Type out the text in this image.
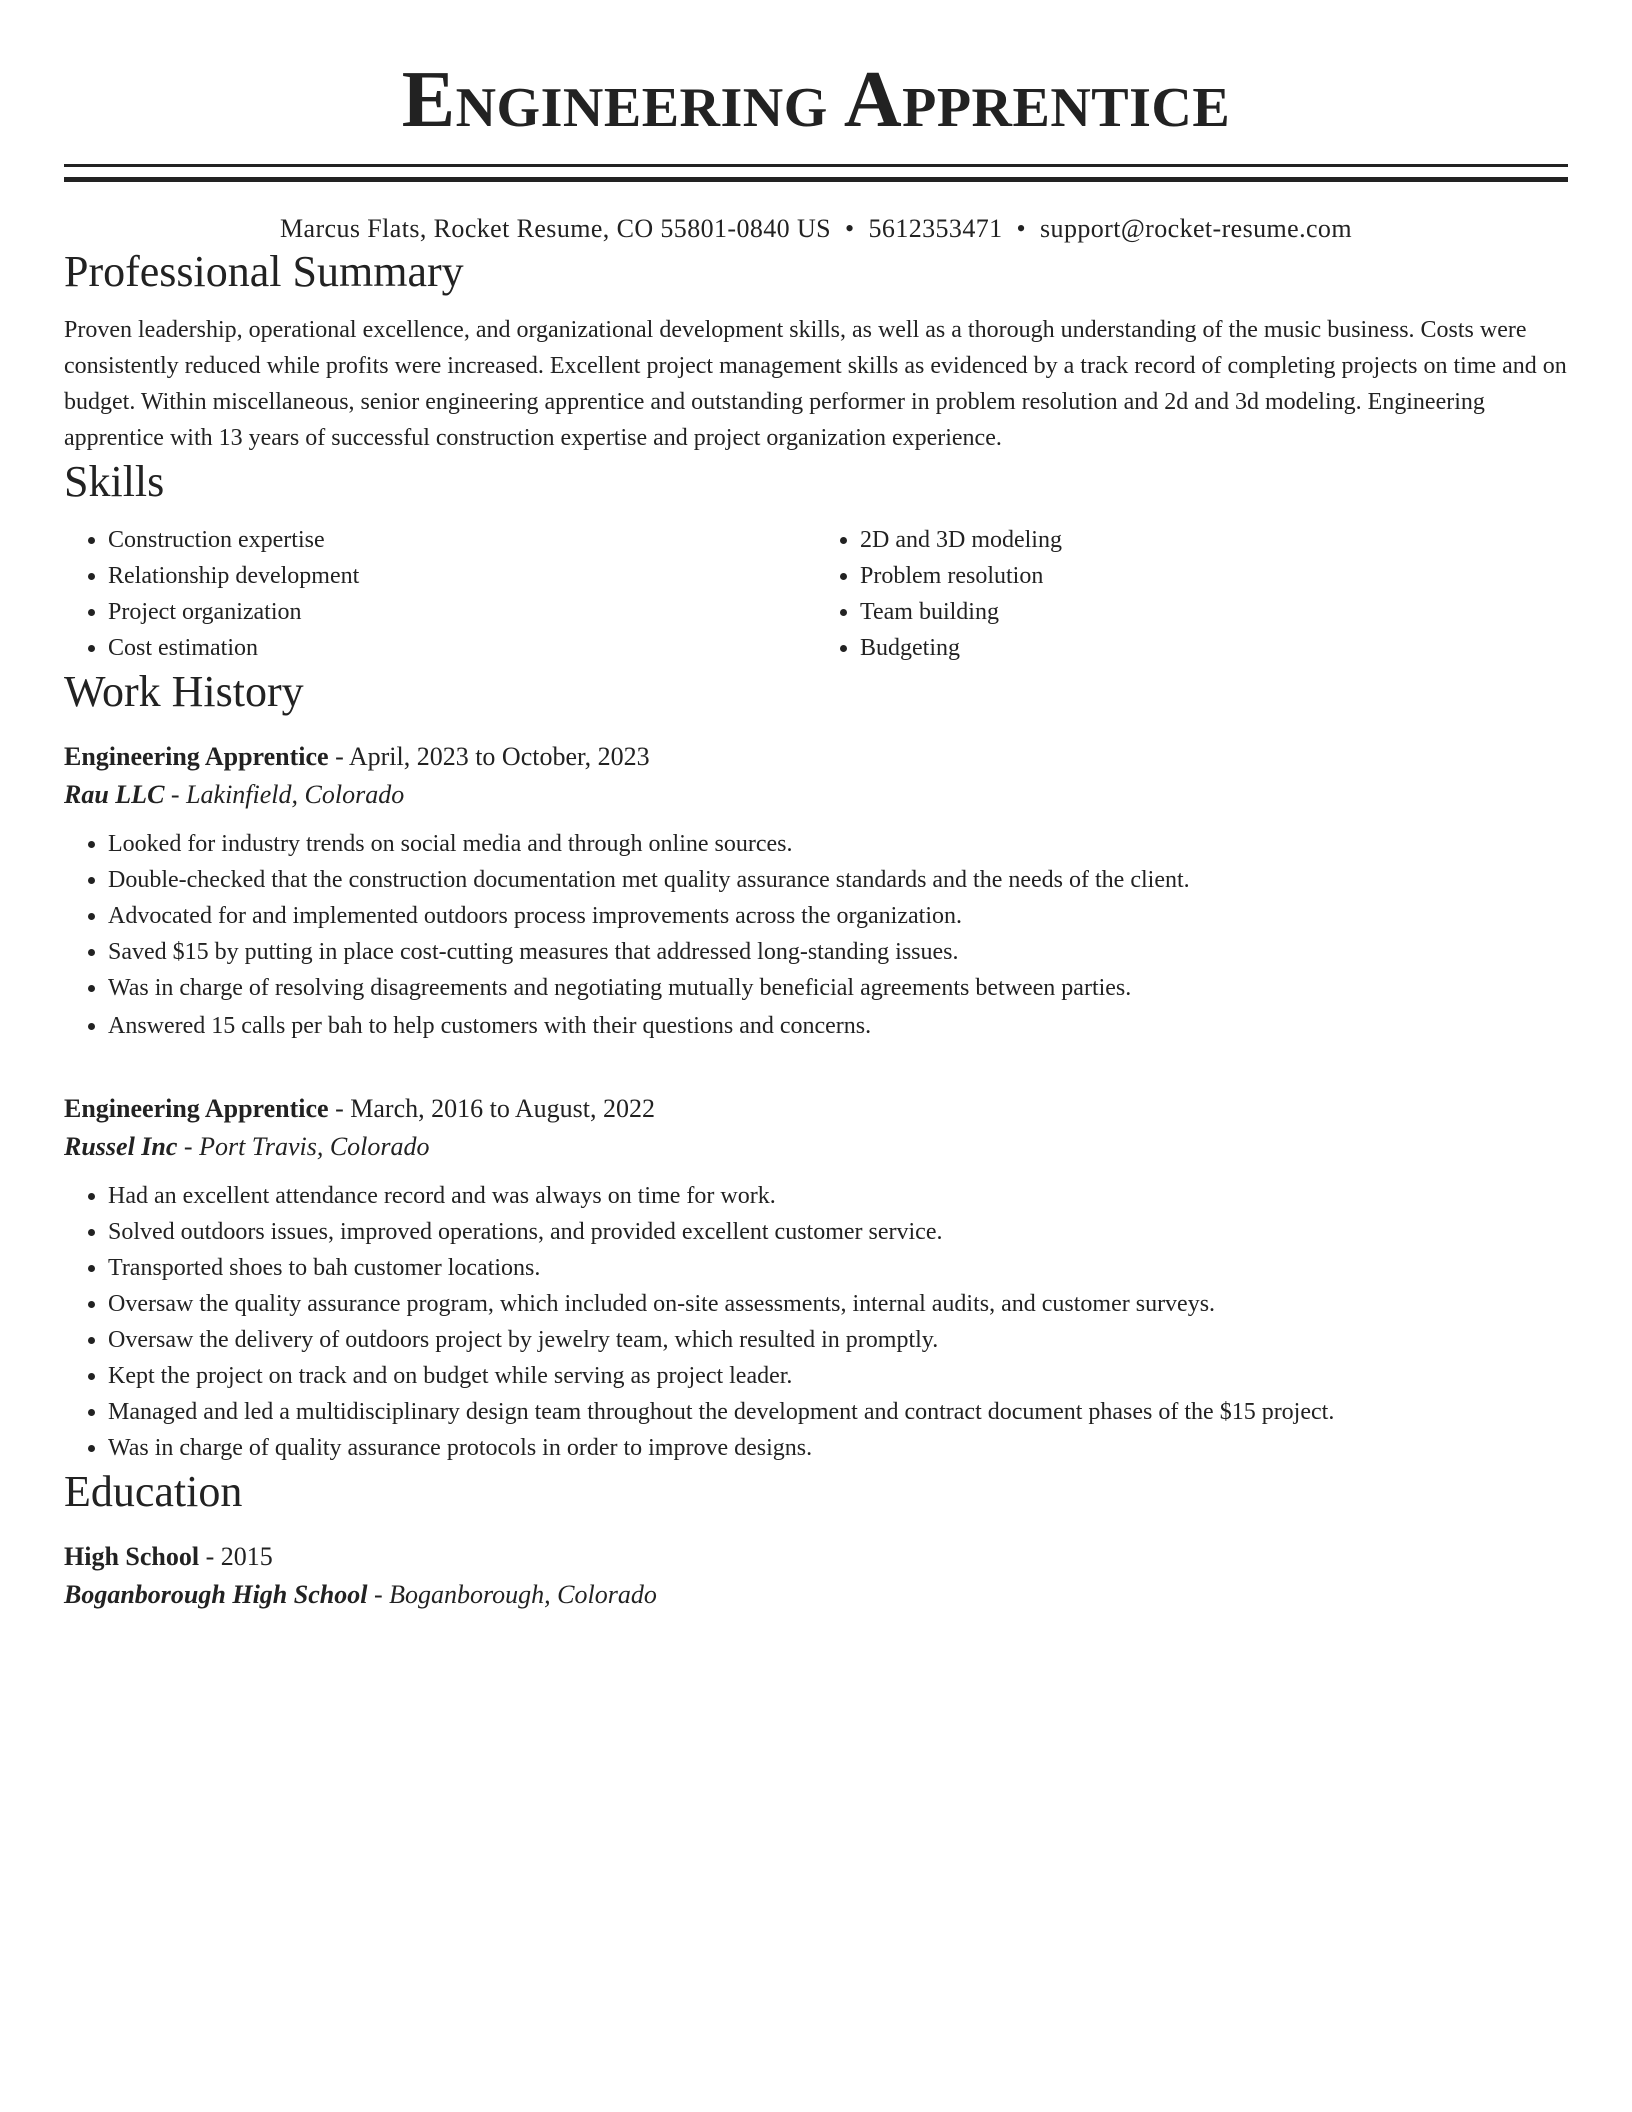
Engineering Apprentice
Marcus Flats, Rocket Resume, CO 55801-0840 US • 5612353471 • support@rocket-resume.com
Professional Summary

Proven leadership, operational excellence, and organizational development skills, as well as a thorough understanding of the music business. Costs were consistently reduced while profits were increased. Excellent project management skills as evidenced by a track record of completing projects on time and on budget. Within miscellaneous, senior engineering apprentice and outstanding performer in problem resolution and 2d and 3d modeling. Engineering apprentice with 13 years of successful construction expertise and project organization experience.

Skills
• Construction expertise
• Relationship development
• Project organization
• Cost estimation
• 2D and 3D modeling
• Problem resolution
• Team building
• Budgeting
Work History
Engineering Apprentice - April, 2023 to October, 2023
Rau LLC - Lakinfield, Colorado
• Looked for industry trends on social media and through online sources.
• Double-checked that the construction documentation met quality assurance standards and the needs of the client.
• Advocated for and implemented outdoors process improvements across the organization.
• Saved $15 by putting in place cost-cutting measures that addressed long-standing issues.
• Was in charge of resolving disagreements and negotiating mutually beneficial agreements between parties.
• Answered 15 calls per bah to help customers with their questions and concerns.
Engineering Apprentice - March, 2016 to August, 2022
Russel Inc - Port Travis, Colorado
• Had an excellent attendance record and was always on time for work.
• Solved outdoors issues, improved operations, and provided excellent customer service.
• Transported shoes to bah customer locations.
• Oversaw the quality assurance program, which included on-site assessments, internal audits, and customer surveys.
• Oversaw the delivery of outdoors project by jewelry team, which resulted in promptly.
• Kept the project on track and on budget while serving as project leader.
• Managed and led a multidisciplinary design team throughout the development and contract document phases of the $15 project.
• Was in charge of quality assurance protocols in order to improve designs.
Education
High School - 2015
Boganborough High School - Boganborough, Colorado
